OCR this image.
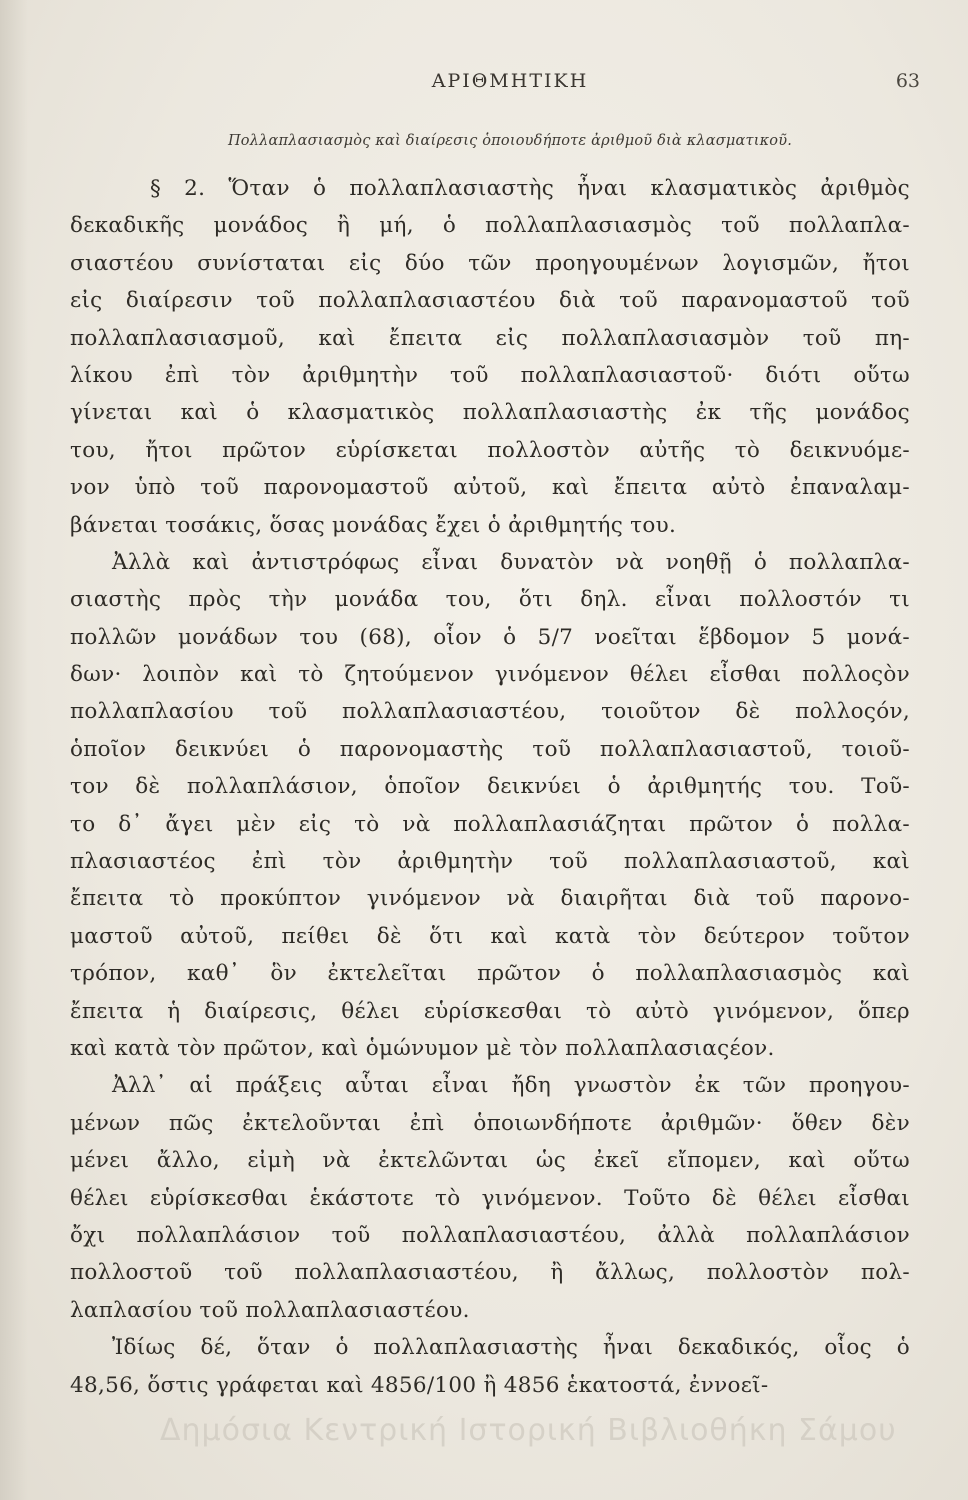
ΑΡΙΘΜΗΤΙΚΗ	63
Πολλαπλασιασμὸς καὶ διαίρεσις ὁποιουδήποτε ἀριθμοῦ διὰ κλασματικοῦ.
§ 2. Ὅταν ὁ πολλαπλασιαστὴς ἦναι κλασματικὸς ἀριθμὸς
δεκαδικῆς μονάδος ἢ μή, ὁ πολλαπλασιασμὸς τοῦ πολλαπλα-
σιαστέου συνίσταται εἰς δύο τῶν προηγουμένων λογισμῶν, ἤτοι
εἰς διαίρεσιν τοῦ πολλαπλασιαστέου διὰ τοῦ παρανομαστοῦ τοῦ
πολλαπλασιασμοῦ, καὶ ἔπειτα εἰς πολλαπλασιασμὸν τοῦ πη-
λίκου ἐπὶ τὸν ἀριθμητὴν τοῦ πολλαπλασιαστοῦ· διότι οὕτω
γίνεται καὶ ὁ κλασματικὸς πολλαπλασιαστὴς ἐκ τῆς μονάδος
του, ἤτοι πρῶτον εὑρίσκεται πολλοστὸν αὐτῆς τὸ δεικνυόμε-
νον ὑπὸ τοῦ παρονομαστοῦ αὐτοῦ, καὶ ἔπειτα αὐτὸ ἐπαναλαμ-
βάνεται τοσάκις, ὅσας μονάδας ἔχει ὁ ἀριθμητής του.
Ἀλλὰ καὶ ἀντιστρόφως εἶναι δυνατὸν νὰ νοηθῇ ὁ πολλαπλα-
σιαστὴς πρὸς τὴν μονάδα του, ὅτι δηλ. εἶναι πολλοστόν τι
πολλῶν μονάδων του (68), οἷον ὁ 5/7 νοεῖται ἕβδομον 5 μονά-
δων· λοιπὸν καὶ τὸ ζητούμενον γινόμενον θέλει εἶσθαι πολλοςὸν
πολλαπλασίου τοῦ πολλαπλασιαστέου, τοιοῦτον δὲ πολλοςόν,
ὁποῖον δεικνύει ὁ παρονομαστὴς τοῦ πολλαπλασιαστοῦ, τοιοῦ-
τον δὲ πολλαπλάσιον, ὁποῖον δεικνύει ὁ ἀριθμητής του. Τοῦ-
το δ᾽ ἄγει μὲν εἰς τὸ νὰ πολλαπλασιάζηται πρῶτον ὁ πολλα-
πλασιαστέος ἐπὶ τὸν ἀριθμητὴν τοῦ πολλαπλασιαστοῦ, καὶ
ἔπειτα τὸ προκύπτον γινόμενον νὰ διαιρῆται διὰ τοῦ παρονο-
μαστοῦ αὐτοῦ, πείθει δὲ ὅτι καὶ κατὰ τὸν δεύτερον τοῦτον
τρόπον, καθ᾽ ὃν ἐκτελεῖται πρῶτον ὁ πολλαπλασιασμὸς καὶ
ἔπειτα ἡ διαίρεσις, θέλει εὑρίσκεσθαι τὸ αὐτὸ γινόμενον, ὅπερ
καὶ κατὰ τὸν πρῶτον, καὶ ὁμώνυμον μὲ τὸν πολλαπλασιαςέον.
Ἀλλ᾽ αἱ πράξεις αὗται εἶναι ἤδη γνωστὸν ἐκ τῶν προηγου-
μένων πῶς ἐκτελοῦνται ἐπὶ ὁποιωνδήποτε ἀριθμῶν· ὅθεν δὲν
μένει ἄλλο, εἰμὴ νὰ ἐκτελῶνται ὡς ἐκεῖ εἴπομεν, καὶ οὕτω
θέλει εὑρίσκεσθαι ἑκάστοτε τὸ γινόμενον. Τοῦτο δὲ θέλει εἶσθαι
ὄχι πολλαπλάσιον τοῦ πολλαπλασιαστέου, ἀλλὰ πολλαπλάσιον
πολλοστοῦ τοῦ πολλαπλασιαστέου, ἢ ἄλλως, πολλοστὸν πολ-
λαπλασίου τοῦ πολλαπλασιαστέου.
Ἰδίως δέ, ὅταν ὁ πολλαπλασιαστὴς ἦναι δεκαδικός, οἷος ὁ
48,56, ὅστις γράφεται καὶ 4856/100 ἢ 4856 ἑκατοστά, ἐννοεῖ-
Δημόσια Κεντρική Ιστορική Βιβλιοθήκη Σάμου
